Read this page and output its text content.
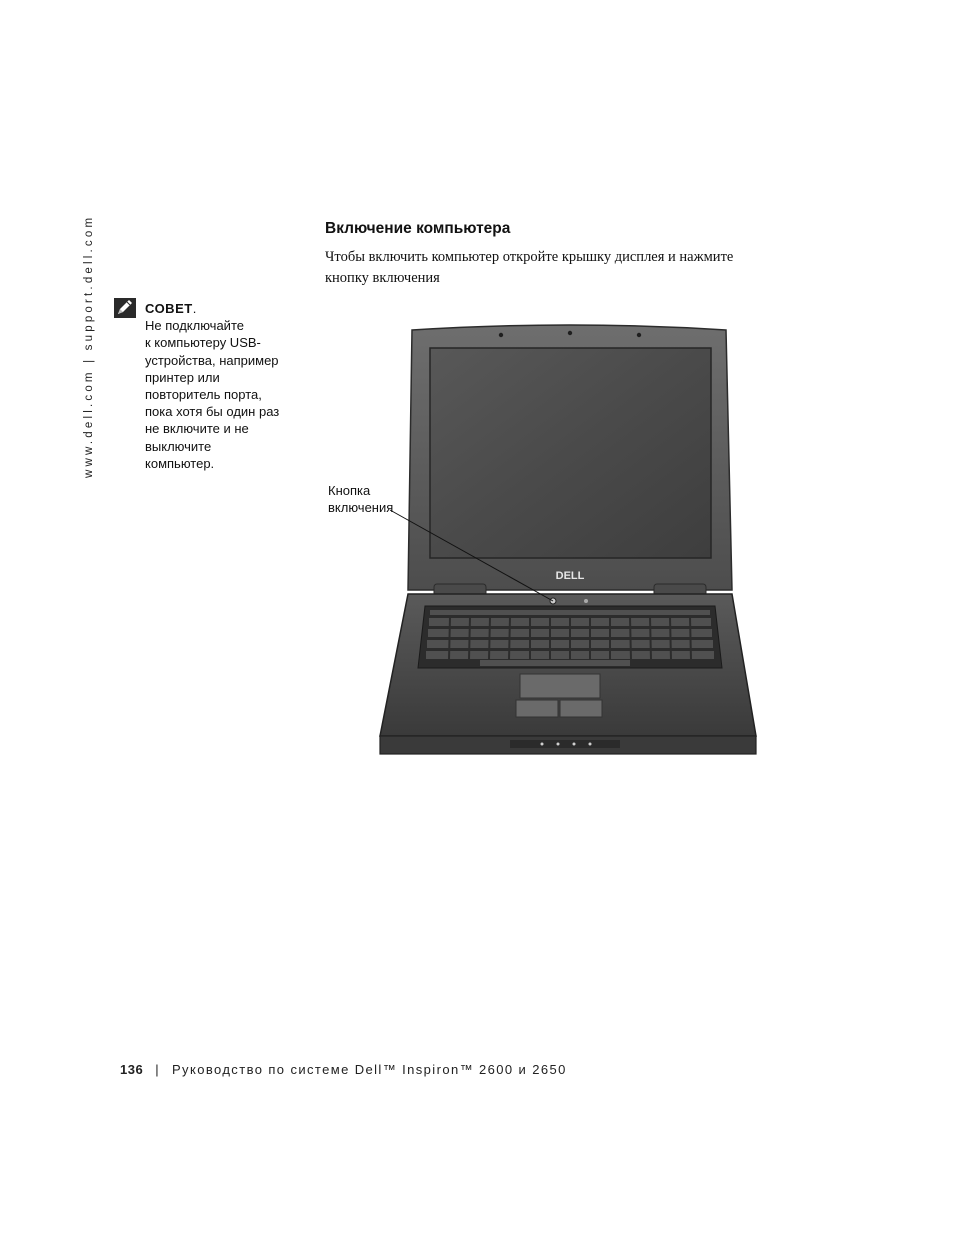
www.dell.com | support.dell.com	СОВЕТ.
Не подключайте
к компьютеру USB-
устройства, например
принтер или
повторитель порта,
пока хотя бы один раз
не включите и не
выключите
компьютер.
Включение компьютера
Чтобы включить компьютер откройте крышку дисплея и нажмите
кнопку включения
DELL
Кнопка
включения
136 | Руководство по системе Dell™ Inspiron™ 2600 и 2650
